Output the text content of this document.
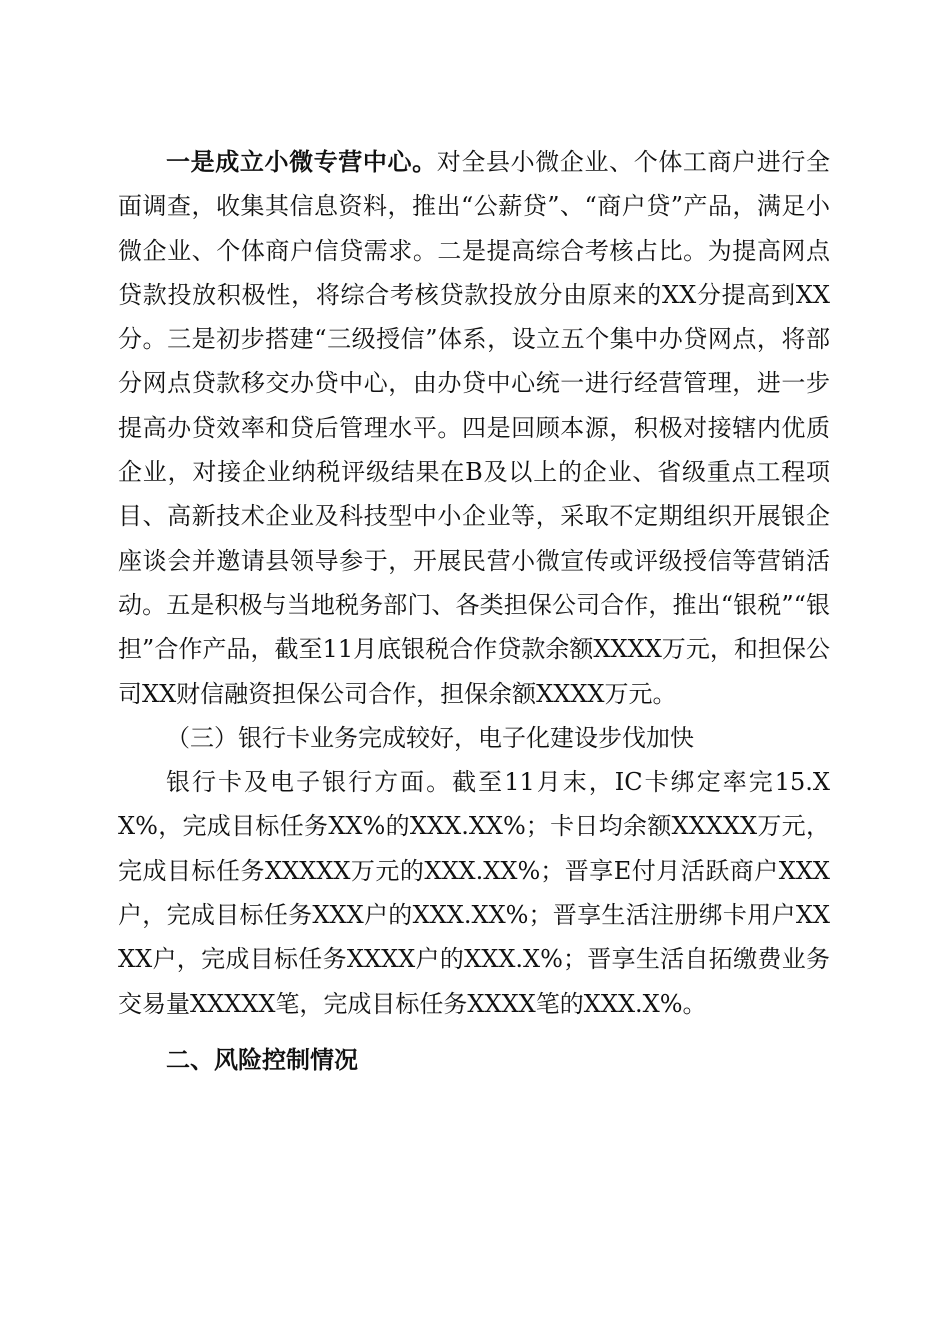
一是成立小微专营中心。对全县小微企业、个体工商户进行全面调查，收集其信息资料，推出“公薪贷”、“商户贷”产品，满足小微企业、个体商户信贷需求。二是提高综合考核占比。为提高网点贷款投放积极性，将综合考核贷款投放分由原来的XX分提高到XX分。三是初步搭建“三级授信”体系，设立五个集中办贷网点，将部分网点贷款移交办贷中心，由办贷中心统一进行经营管理，进一步提高办贷效率和贷后管理水平。四是回顾本源，积极对接辖内优质企业，对接企业纳税评级结果在B及以上的企业、省级重点工程项目、高新技术企业及科技型中小企业等，采取不定期组织开展银企座谈会并邀请县领导参于，开展民营小微宣传或评级授信等营销活动。五是积极与当地税务部门、各类担保公司合作，推出“银税”“银担”合作产品，截至11月底银税合作贷款余额XXXX万元，和担保公司XX财信融资担保公司合作，担保余额XXXX万元。

（三）银行卡业务完成较好，电子化建设步伐加快

银行卡及电子银行方面。截至11月末，IC卡绑定率完15.XX%，完成目标任务XX%的XXX.XX%；卡日均余额XXXXX万元，完成目标任务XXXXX万元的XXX.XX%；晋享E付月活跃商户XXX户，完成目标任务XXX户的XXX.XX%；晋享生活注册绑卡用户XXXX户，完成目标任务XXXX户的XXX.X%；晋享生活自拓缴费业务交易量XXXXX笔，完成目标任务XXXX笔的XXX.X%。

二、风险控制情况
